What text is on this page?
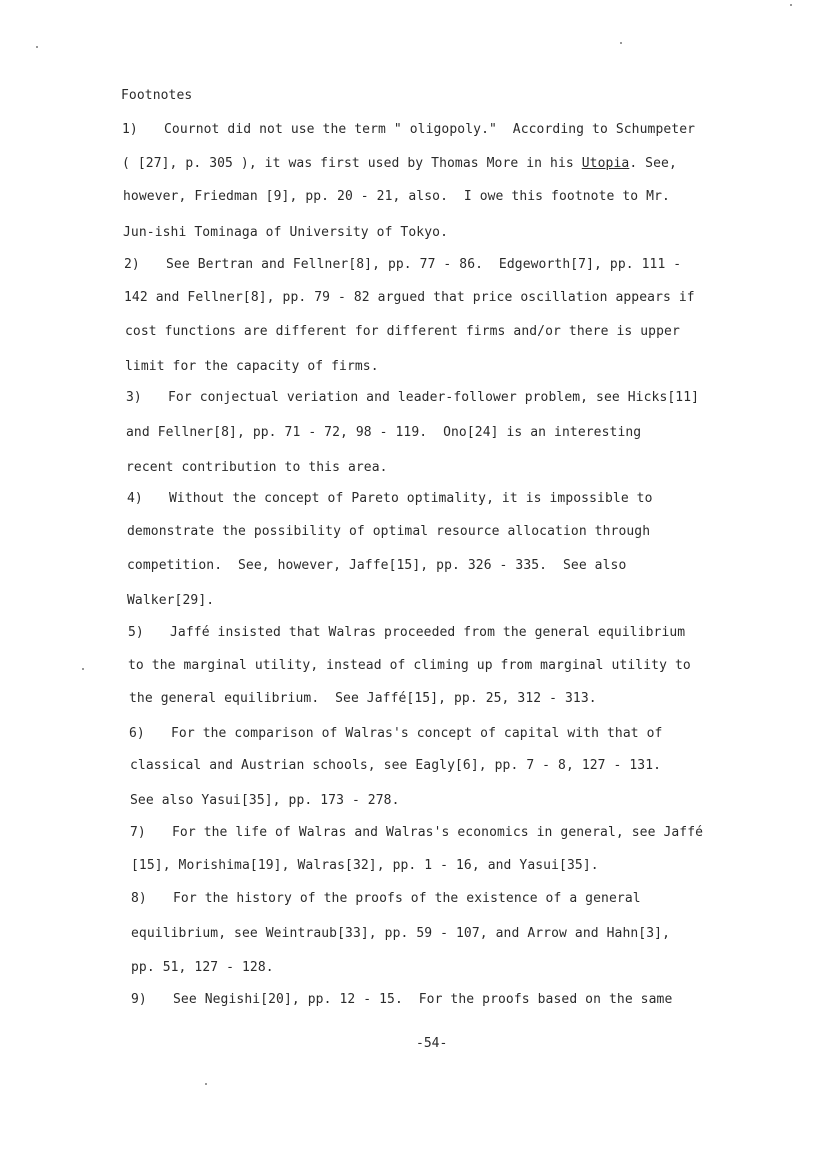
Footnotes
1) Cournot did not use the term " oligopoly."  According to Schumpeter
( [27], p. 305 ), it was first used by Thomas More in his Utopia. See,
however, Friedman [9], pp. 20 - 21, also.  I owe this footnote to Mr.
Jun-ishi Tominaga of University of Tokyo.
2) See Bertran and Fellner[8], pp. 77 - 86.  Edgeworth[7], pp. 111 -
142 and Fellner[8], pp. 79 - 82 argued that price oscillation appears if
cost functions are different for different firms and/or there is upper
limit for the capacity of firms.
3) For conjectual veriation and leader-follower problem, see Hicks[11]
and Fellner[8], pp. 71 - 72, 98 - 119.  Ono[24] is an interesting
recent contribution to this area.
4) Without the concept of Pareto optimality, it is impossible to
demonstrate the possibility of optimal resource allocation through
competition.  See, however, Jaffe[15], pp. 326 - 335.  See also
Walker[29].
5) Jaffé insisted that Walras proceeded from the general equilibrium
to the marginal utility, instead of climing up from marginal utility to
the general equilibrium.  See Jaffé[15], pp. 25, 312 - 313.
6) For the comparison of Walras's concept of capital with that of
classical and Austrian schools, see Eagly[6], pp. 7 - 8, 127 - 131.
See also Yasui[35], pp. 173 - 278.
7) For the life of Walras and Walras's economics in general, see Jaffé
[15], Morishima[19], Walras[32], pp. 1 - 16, and Yasui[35].
8) For the history of the proofs of the existence of a general
equilibrium, see Weintraub[33], pp. 59 - 107, and Arrow and Hahn[3],
pp. 51, 127 - 128.
9) See Negishi[20], pp. 12 - 15.  For the proofs based on the same
-54-
